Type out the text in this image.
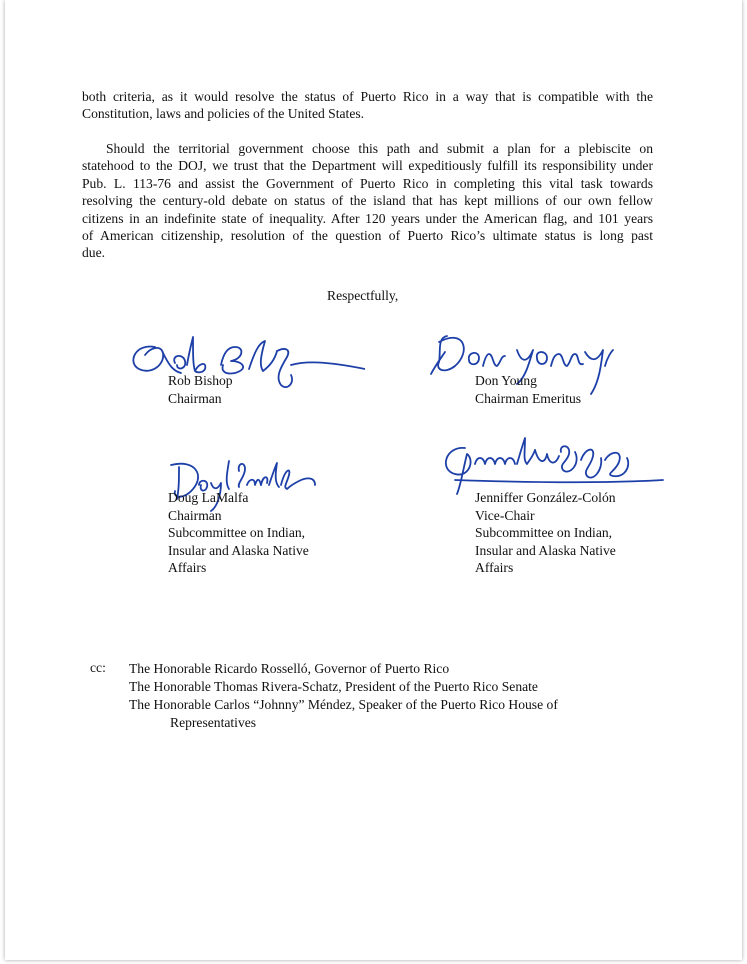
both criteria, as it would resolve the status of Puerto Rico in a way that is compatible with the
Constitution, laws and policies of the United States.

Should the territorial government choose this path and submit a plan for a plebiscite on
statehood to the DOJ, we trust that the Department will expeditiously fulfill its responsibility under
Pub. L. 113-76 and assist the Government of Puerto Rico in completing this vital task towards
resolving the century-old debate on status of the island that has kept millions of our own fellow
citizens in an indefinite state of inequality. After 120 years under the American flag, and 101 years
of American citizenship, resolution of the question of Puerto Rico’s ultimate status is long past
due.

Respectfully,
Rob Bishop
Chairman
Don Young
Chairman Emeritus
Doug LaMalfa
Chairman
Subcommittee on Indian,
Insular and Alaska Native
Affairs
Jenniffer González-Colón
Vice-Chair
Subcommittee on Indian,
Insular and Alaska Native
Affairs
cc: The Honorable Ricardo Rosselló, Governor of Puerto Rico
The Honorable Thomas Rivera-Schatz, President of the Puerto Rico Senate
The Honorable Carlos “Johnny” Méndez, Speaker of the Puerto Rico House of
Representatives
